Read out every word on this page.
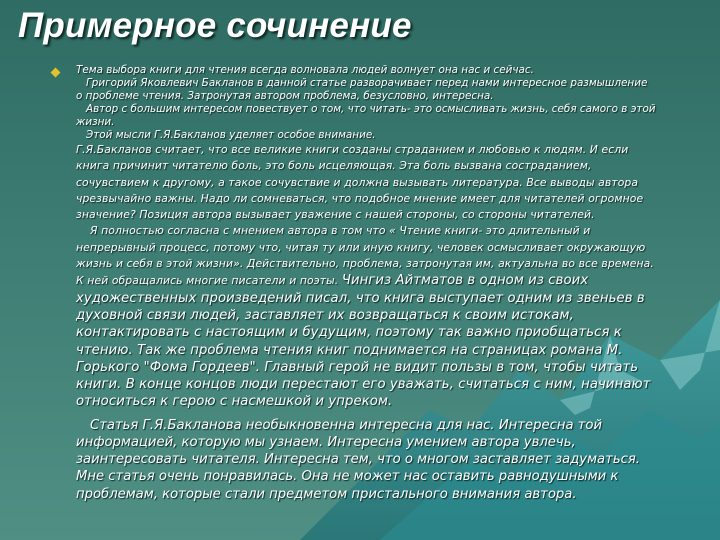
Примерное сочинение

Тема выбора книги для чтения всегда волновала людей волнует она нас и сейчас.

Григорий Яковлевич Бакланов в данной статье разворачивает перед нами интересное размышление о проблеме чтения. Затронутая автором проблема, безусловно, интересна.

Автор с большим интересом повествует о том, что читать- это осмысливать жизнь, себя самого в этой жизни.

Этой мысли Г.Я.Бакланов уделяет особое внимание.

Г.Я.Бакланов считает, что все великие книги созданы страданием и любовью к людям. И если книга причинит читателю боль, это боль исцеляющая. Эта боль вызвана состраданием, сочувствием к другому, а такое сочувствие и должна вызывать литература. Все выводы автора чрезвычайно важны. Надо ли сомневаться, что подобное мнение имеет для читателей огромное значение? Позиция автора вызывает уважение с нашей стороны, со стороны читателей.

Я полностью согласна с мнением автора в том что « Чтение книги- это длительный и непрерывный процесс, потому что, читая ту или иную книгу, человек осмысливает окружающую жизнь и себя в этой жизни». Действительно, проблема, затронутая им, актуальна во все времена. К ней обращались многие писатели и поэты. Чингиз Айтматов в одном из своих художественных произведений писал, что книга выступает одним из звеньев в духовной связи людей, заставляет их возвращаться к своим истокам, контактировать с настоящим и будущим, поэтому так важно приобщаться к чтению. Так же проблема чтения книг поднимается на страницах романа М. Горького "Фома Гордеев". Главный герой не видит пользы в том, чтобы читать книги. В конце концов люди перестают его уважать, считаться с ним, начинают относиться к герою с насмешкой и упреком.

Статья Г.Я.Бакланова необыкновенна интересна для нас. Интересна той информацией, которую мы узнаем. Интересна умением автора увлечь, заинтересовать читателя. Интересна тем, что о многом заставляет задуматься. Мне статья очень понравилась. Она не может нас оставить равнодушными к проблемам, которые стали предметом пристального внимания автора.
